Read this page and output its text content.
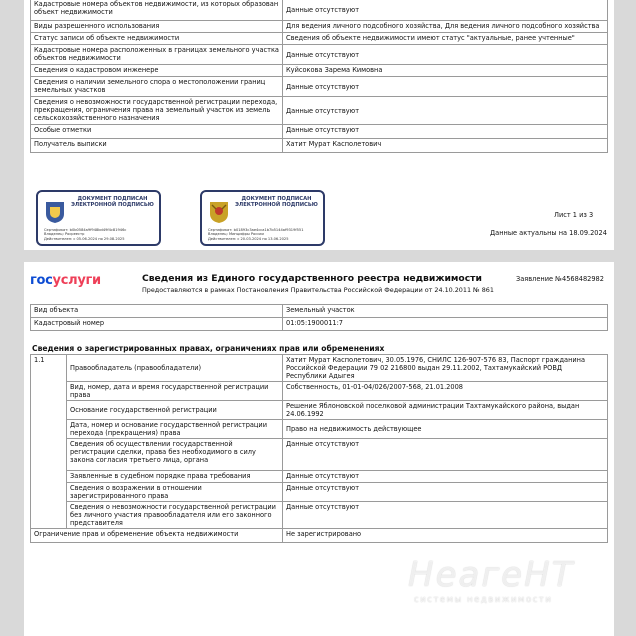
Кадастровые номера объектов недвижимости, из которых образован объект недвижимости	Данные отсутствуют
Виды разрешенного использования	Для ведения личного подсобного хозяйства, Для ведения личного подсобного хозяйства
Статус записи об объекте недвижимости	Сведения об объекте недвижимости имеют статус "актуальные, ранее учтенные"
Кадастровые номера расположенных в границах земельного участка объектов недвижимости	Данные отсутствуют
Сведения о кадастровом инженере	Куйсокова Зарема Кимовна
Сведения о наличии земельного спора о местоположении границ земельных участков	Данные отсутствуют
Сведения о невозможности государственной регистрации перехода, прекращения, ограничения права на земельный участок из земель сельскохозяйственного назначения	Данные отсутствуют
Особые отметки	Данные отсутствуют
Получатель выписки	Хатит Мурат Касполетович
ДОКУМЕНТ ПОДПИСАН ЭЛЕКТРОННОЙ ПОДПИСЬЮ
Сертификат: b0b0584a9f948bd49f4c81946c
Владелец: Росреестр
Действителен: с 05.06.2024 по 29.08.2025
ДОКУМЕНТ ПОДПИСАН ЭЛЕКТРОННОЙ ПОДПИСЬЮ
Сертификат: b01893c3ae4cca1b7b5144af9319f551
Владелец: Минцифры России
Действителен: с 20.03.2024 по 13.06.2025
Лист 1 из 3
Данные актуальны на 18.09.2024
госуслуги	Сведения из Единого государственного реестра недвижимости
Предоставляются в рамках Постановления Правительства Российской Федерации от 24.10.2011 № 861
Заявление №4568482982
Вид объекта	Земельный участок
Кадастровый номер	01:05:1900011:7
Сведения о зарегистрированных правах, ограничениях прав или обременениях
1.1		Правообладатель (правообладатели)	Хатит Мурат Касполетович, 30.05.1976, СНИЛС 126-907-576 83, Паспорт гражданина Российской Федерации 79 02 216800 выдан 29.11.2002, Тахтамукайский РОВД Республики Адыгея
		Вид, номер, дата и время государственной регистрации права	Собственность, 01-01-04/026/2007-568, 21.01.2008
		Основание государственной регистрации	Решение Яблоновской поселковой администрации Тахтамукайского района, выдан 24.06.1992
		Дата, номер и основание государственной регистрации перехода (прекращения) права	Право на недвижимость действующее
		Сведения об осуществлении государственной регистрации сделки, права без необходимого в силу закона согласия третьего лица, органа	Данные отсутствуют
		Заявленные в судебном порядке права требования	Данные отсутствуют
		Сведения о возражении в отношении зарегистрированного права	Данные отсутствуют
		Сведения о невозможности государственной регистрации без личного участия правообладателя или его законного представителя	Данные отсутствуют
Ограничение прав и обременение объекта недвижимости			Не зарегистрировано
НеагеНТ
системы недвижимости
